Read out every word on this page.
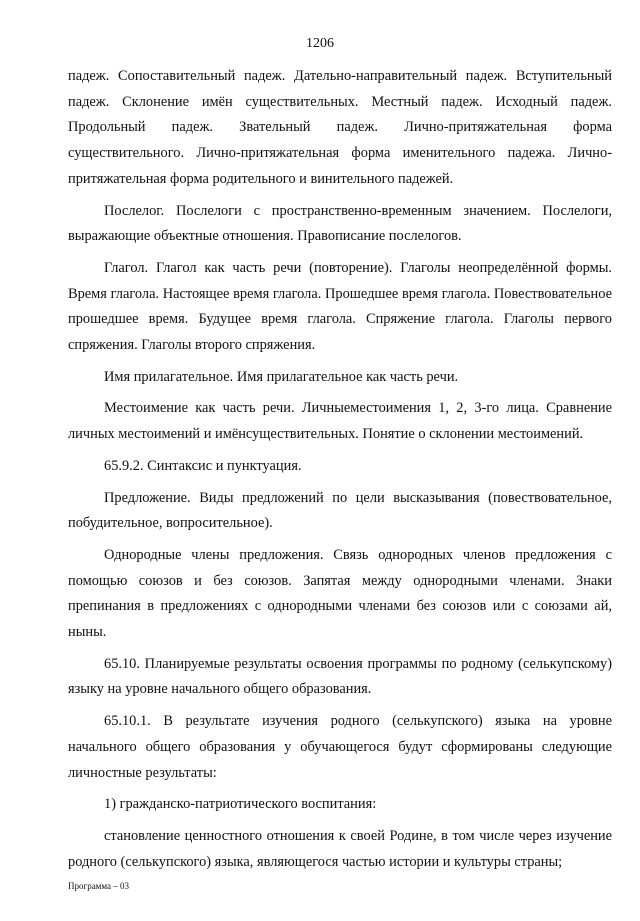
1206

падеж. Сопоставительный падеж. Дательно-направительный падеж. Вступительный падеж. Склонение имён существительных. Местный падеж. Исходный падеж. Продольный падеж. Звательный падеж. Лично-притяжательная форма существительного. Лично-притяжательная форма именительного падежа. Лично-притяжательная форма родительного и винительного падежей.

Послелог. Послелоги с пространственно-временным значением. Послелоги, выражающие объектные отношения. Правописание послелогов.

Глагол. Глагол как часть речи (повторение). Глаголы неопределённой формы. Время глагола. Настоящее время глагола. Прошедшее время глагола. Повествовательное прошедшее время. Будущее время глагола. Спряжение глагола. Глаголы первого спряжения. Глаголы второго спряжения.

Имя прилагательное. Имя прилагательное как часть речи.

Местоимение как часть речи. Личныеместоимения 1, 2, 3-го лица. Сравнение личных местоимений и имёнсуществительных. Понятие о склонении местоимений.

65.9.2. Синтаксис и пунктуация.

Предложение. Виды предложений по цели высказывания (повествовательное, побудительное, вопросительное).

Однородные члены предложения. Связь однородных членов предложения с помощью союзов и без союзов. Запятая между однородными членами. Знаки препинания в предложениях с однородными членами без союзов или с союзами ай, ныны.

65.10. Планируемые результаты освоения программы по родному (селькупскому) языку на уровне начального общего образования.

65.10.1. В результате изучения родного (селькупского) языка на уровне начального общего образования у обучающегося будут сформированы следующие личностные результаты:

1) гражданско-патриотического воспитания:

становление ценностного отношения к своей Родине, в том числе через изучение родного (селькупского) языка, являющегося частью истории и культуры страны;

Программа – 03
